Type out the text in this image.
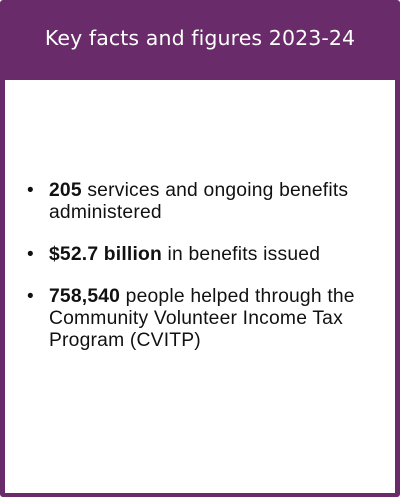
Key facts and figures 2023-24
• 205 services and ongoing benefits administered
• $52.7 billion in benefits issued
• 758,540 people helped through the Community Volunteer Income Tax Program (CVITP)
